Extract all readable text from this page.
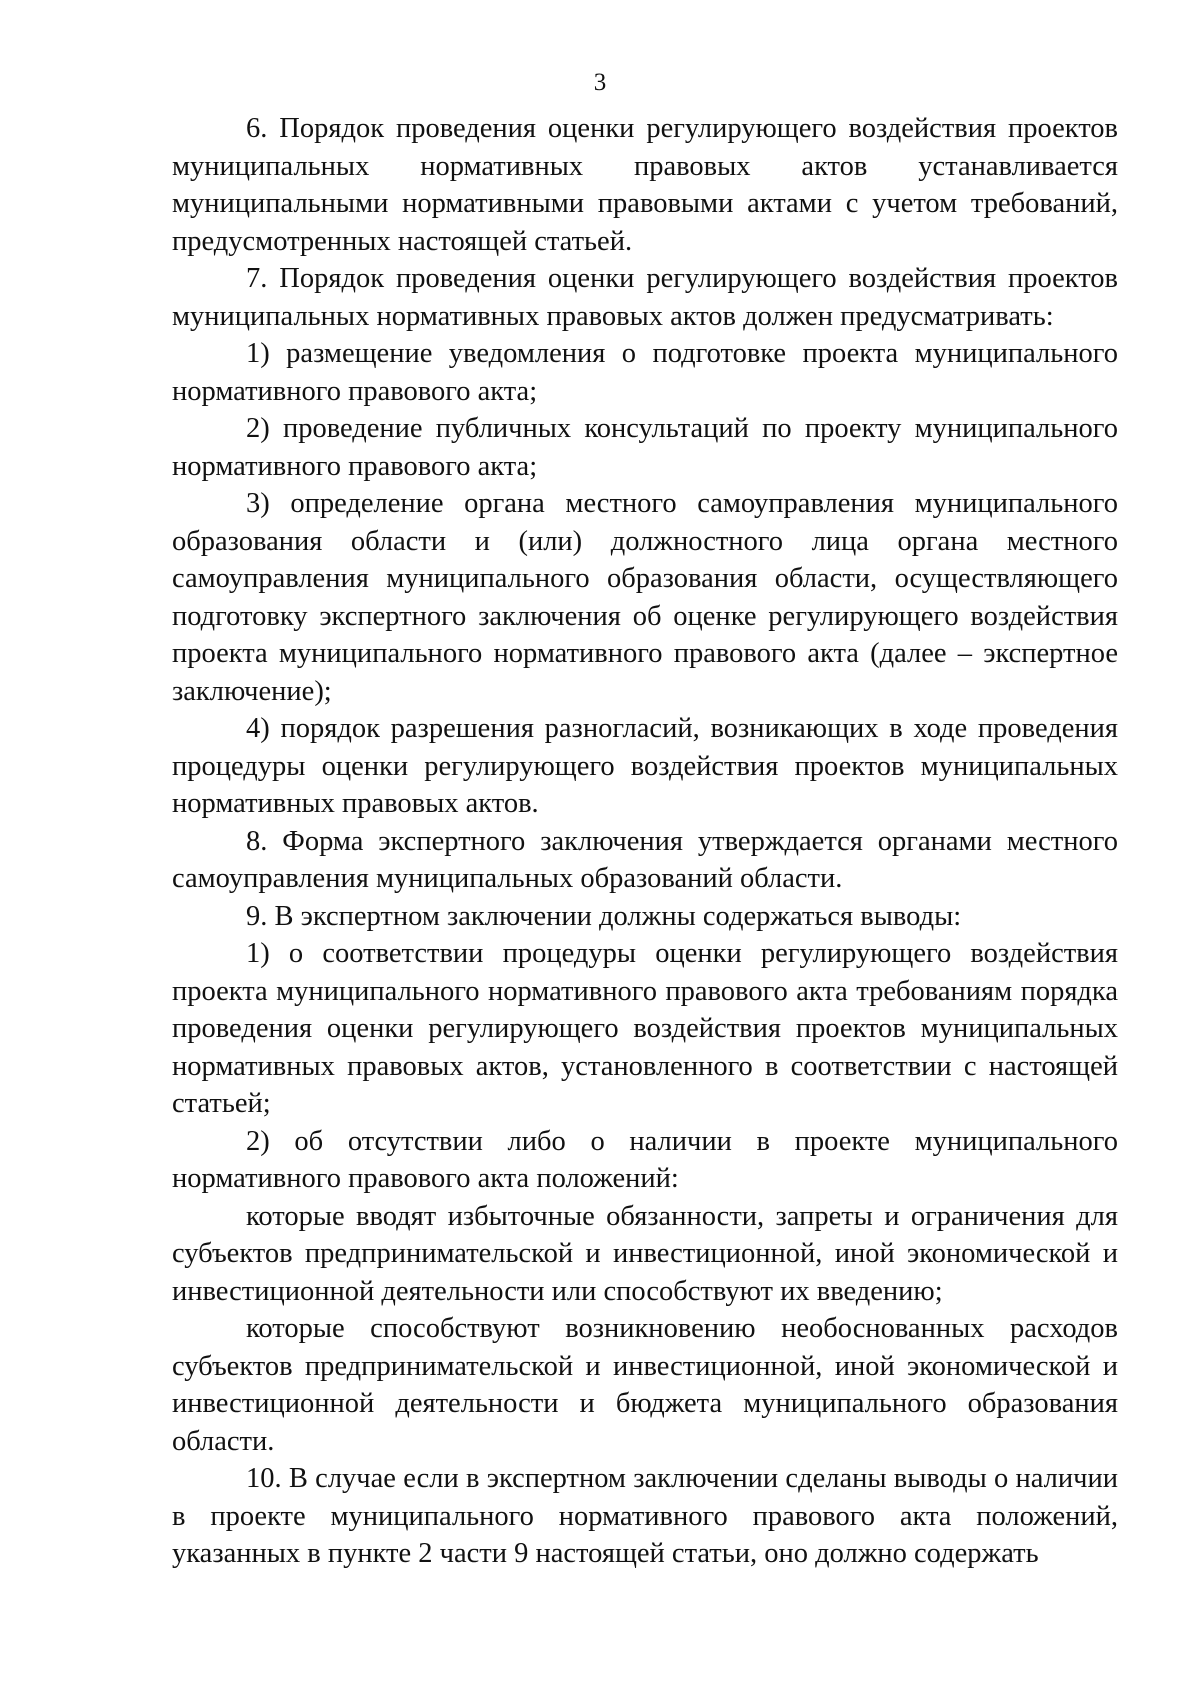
3

6. Порядок проведения оценки регулирующего воздействия проектов муниципальных нормативных правовых актов устанавливается муниципальными нормативными правовыми актами с учетом требований, предусмотренных настоящей статьей.

7. Порядок проведения оценки регулирующего воздействия проектов муниципальных нормативных правовых актов должен предусматривать:

1) размещение уведомления о подготовке проекта муниципального нормативного правового акта;

2) проведение публичных консультаций по проекту муниципального нормативного правового акта;

3) определение органа местного самоуправления муниципального образования области и (или) должностного лица органа местного самоуправления муниципального образования области, осуществляющего подготовку экспертного заключения об оценке регулирующего воздействия проекта муниципального нормативного правового акта (далее – экспертное заключение);

4) порядок разрешения разногласий, возникающих в ходе проведения процедуры оценки регулирующего воздействия проектов муниципальных нормативных правовых актов.

8. Форма экспертного заключения утверждается органами местного самоуправления муниципальных образований области.

9. В экспертном заключении должны содержаться выводы:

1) о соответствии процедуры оценки регулирующего воздействия проекта муниципального нормативного правового акта требованиям порядка проведения оценки регулирующего воздействия проектов муниципальных нормативных правовых актов, установленного в соответствии с настоящей статьей;

2) об отсутствии либо о наличии в проекте муниципального нормативного правового акта положений:

которые вводят избыточные обязанности, запреты и ограничения для субъектов предпринимательской и инвестиционной, иной экономической и инвестиционной деятельности или способствуют их введению;

которые способствуют возникновению необоснованных расходов субъектов предпринимательской и инвестиционной, иной экономической и инвестиционной деятельности и бюджета муниципального образования области.

10. В случае если в экспертном заключении сделаны выводы о наличии в проекте муниципального нормативного правового акта положений, указанных в пункте 2 части 9 настоящей статьи, оно должно содержать
